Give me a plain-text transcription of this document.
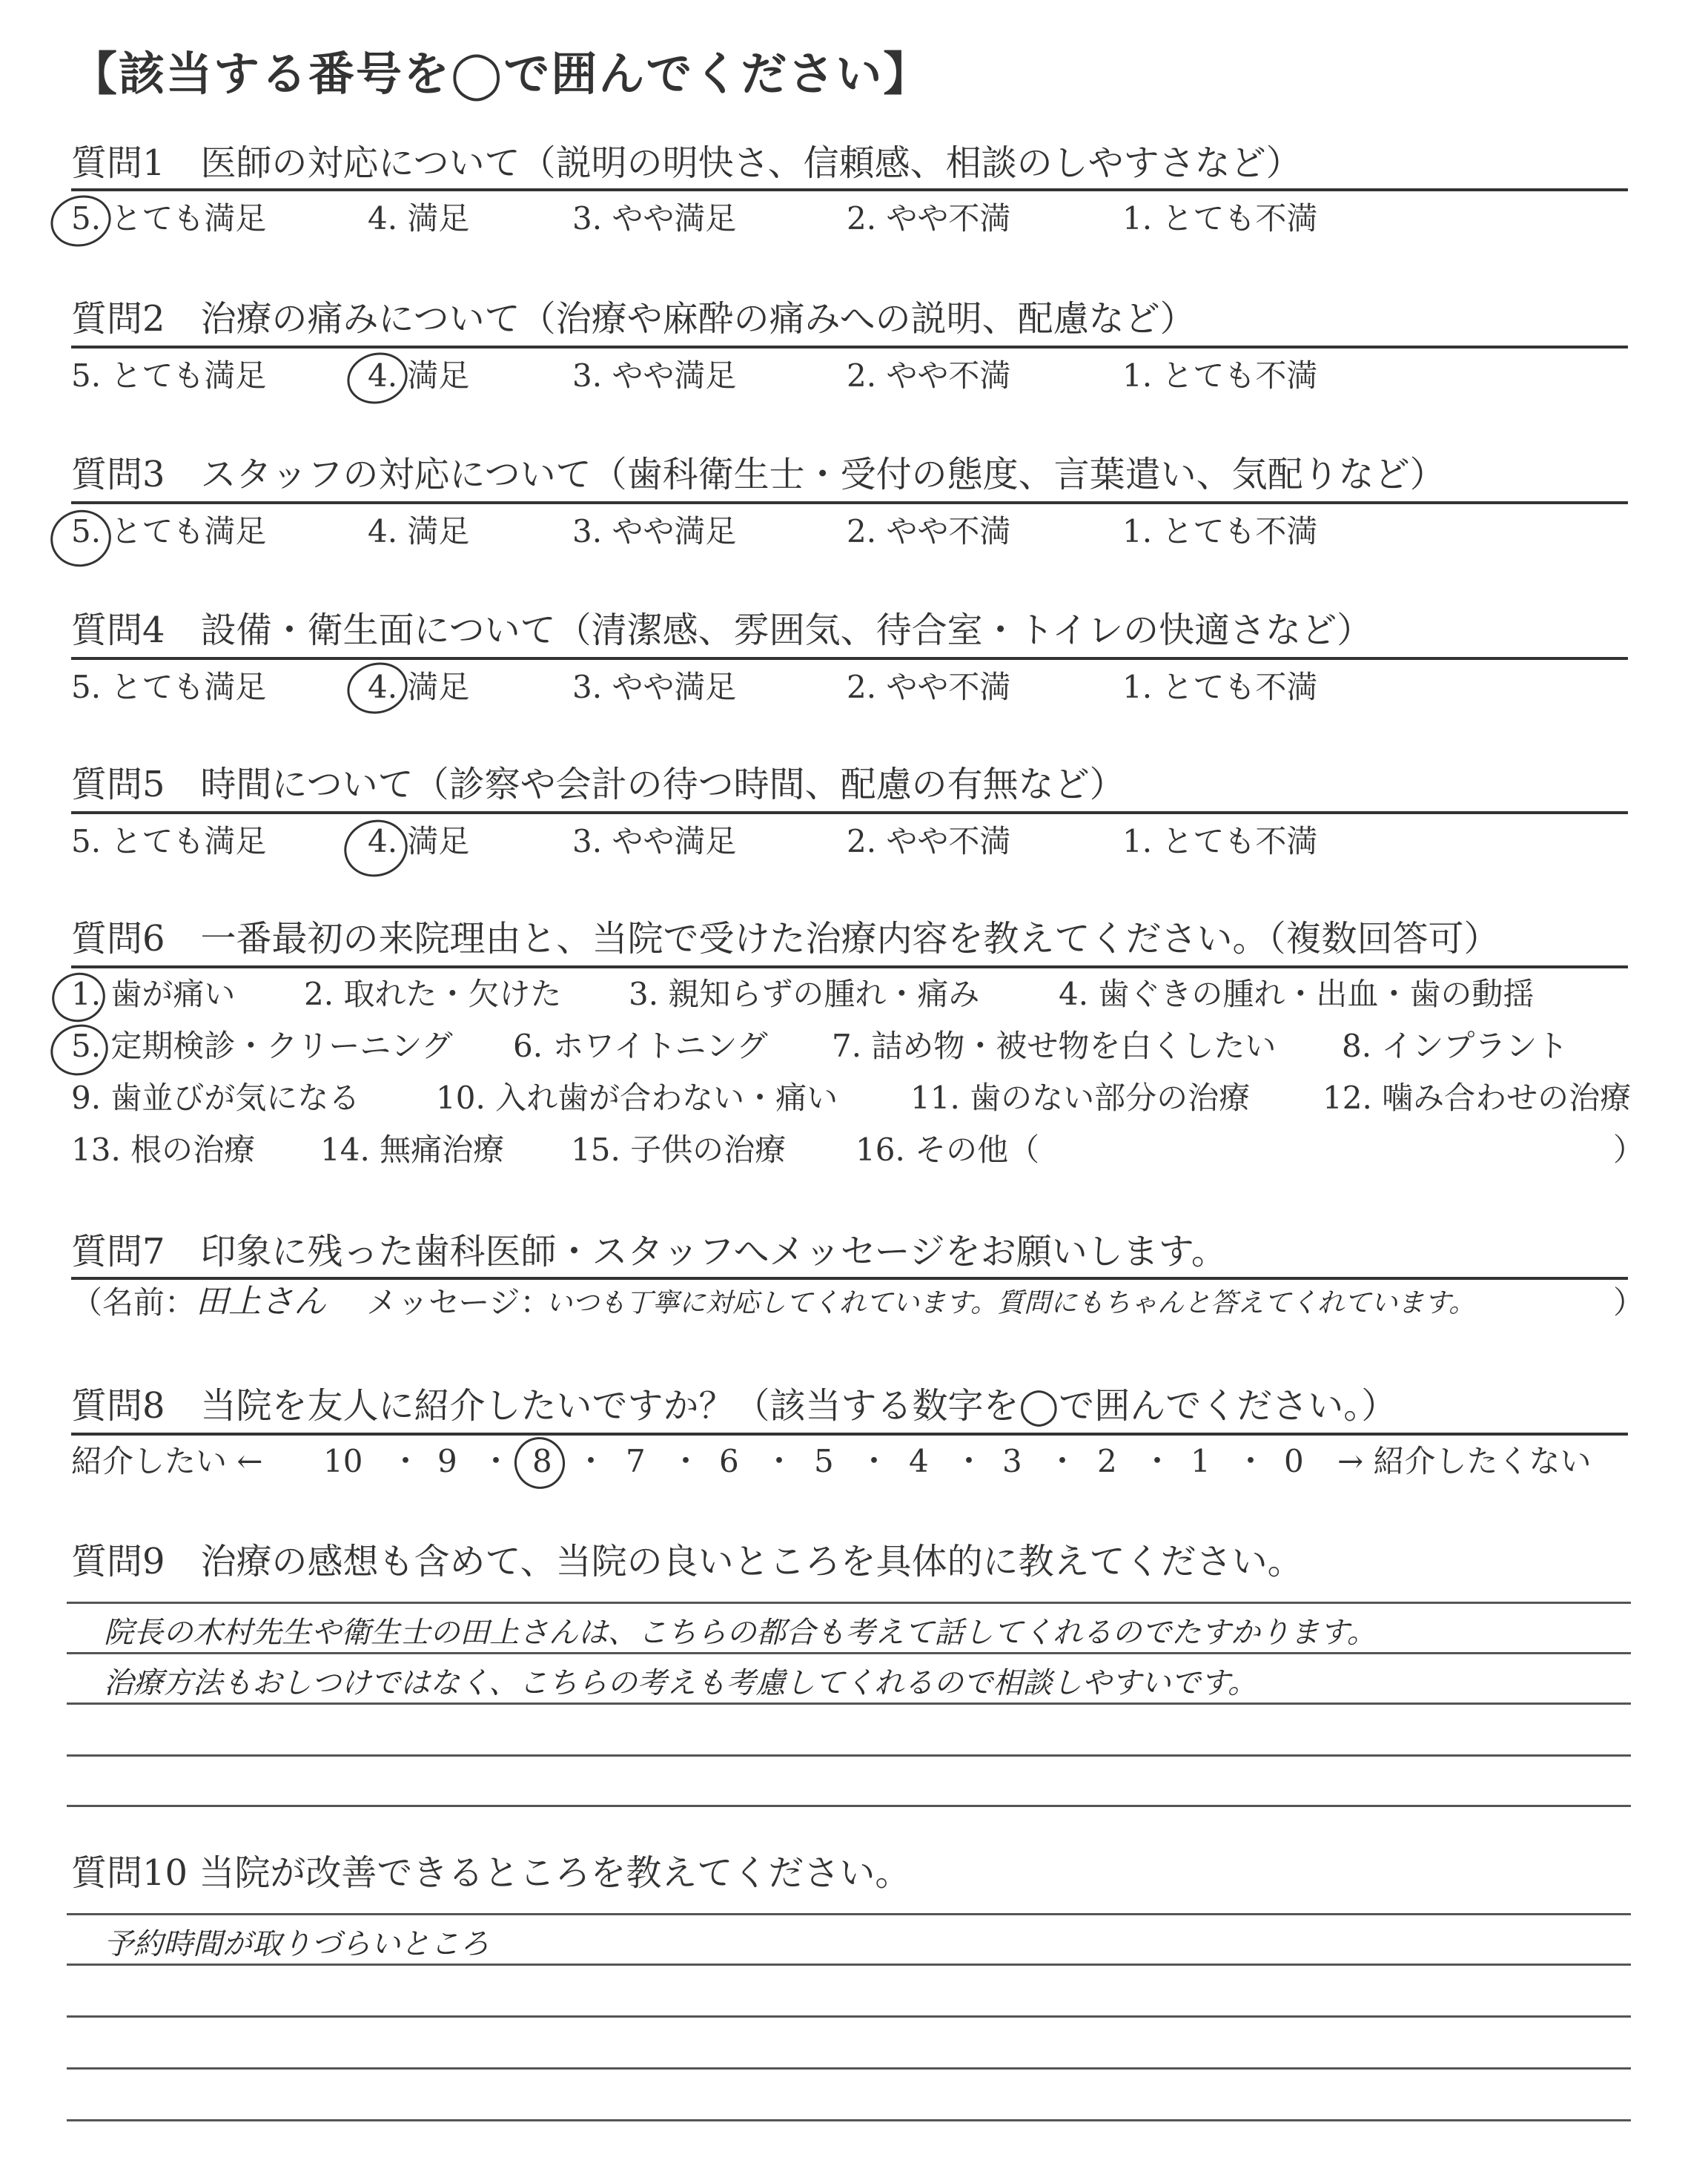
【該当する番号を◯で囲んでください】
質問1　医師の対応について（説明の明快さ、信頼感、相談のしやすさなど）
5. とても満足	4. 満足	3. やや満足	2. やや不満	1. とても不満
質問2　治療の痛みについて（治療や麻酔の痛みへの説明、配慮など）
5. とても満足	4. 満足	3. やや満足	2. やや不満	1. とても不満
質問3　スタッフの対応について（歯科衛生士・受付の態度、言葉遣い、気配りなど）
5. とても満足	4. 満足	3. やや満足	2. やや不満	1. とても不満
質問4　設備・衛生面について（清潔感、雰囲気、待合室・トイレの快適さなど）
5. とても満足	4. 満足	3. やや満足	2. やや不満	1. とても不満
質問5　時間について（診察や会計の待つ時間、配慮の有無など）
5. とても満足	4. 満足	3. やや満足	2. やや不満	1. とても不満
質問6　一番最初の来院理由と、当院で受けた治療内容を教えてください。（複数回答可）
1. 歯が痛い 2. 取れた・欠けた 3. 親知らずの腫れ・痛み	4. 歯ぐきの腫れ・出血・歯の動揺
5. 定期検診・クリーニング 6. ホワイトニング 7. 詰め物・被せ物を白くしたい 8. インプラント
9. 歯並びが気になる 10. 入れ歯が合わない・痛い 11. 歯のない部分の治療 12. 噛み合わせの治療
13. 根の治療 14. 無痛治療 15. 子供の治療 16. その他（	）
質問7　印象に残った歯科医師・スタッフへメッセージをお願いします。
（名前： 田上さん メッセージ：
いつも丁寧に対応してくれています。質問にもちゃんと答えてくれています。	）
質問8　当院を友人に紹介したいですか？（該当する数字を◯で囲んでください。）
紹介したい ← 10 ・ 9 ・ 8 ・ 7 ・ 6 ・ 5 ・ 4 ・ 3 ・ 2 ・ 1 ・ 0 → 紹介したくない
質問9　治療の感想も含めて、当院の良いところを具体的に教えてください。
院長の木村先生や衛生士の田上さんは、こちらの都合も考えて話してくれるのでたすかります。
治療方法もおしつけではなく、こちらの考えも考慮してくれるので相談しやすいです。
質問10 当院が改善できるところを教えてください。
予約時間が取りづらいところ
